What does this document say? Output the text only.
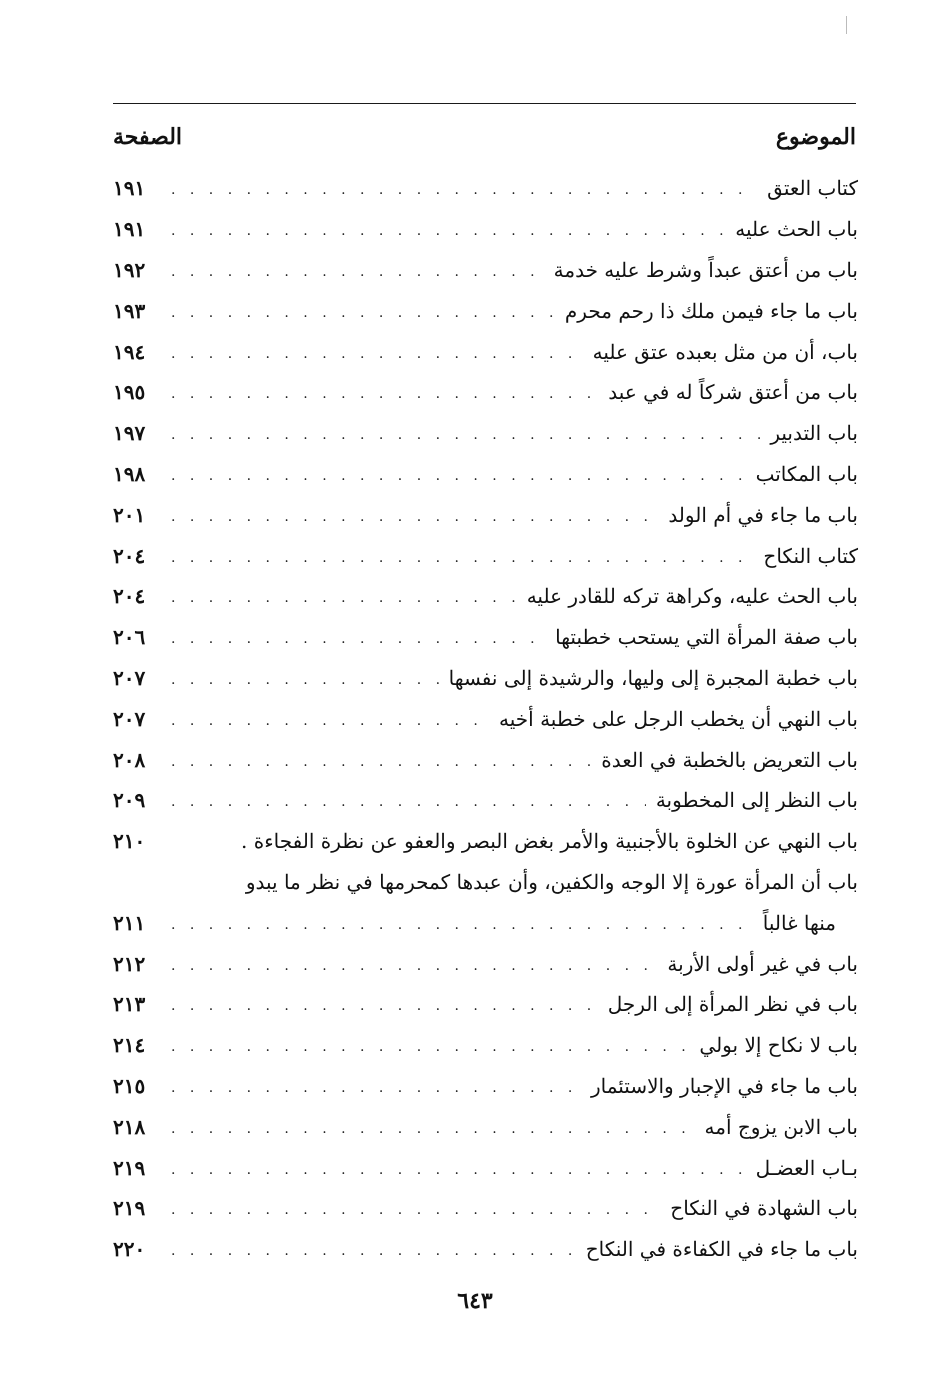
الموضوع
الصفحة
كتاب العتق
. . .
١٩١
باب الحث عليه
. . .
١٩١
باب من أعتق عبداً وشرط عليه خدمة
. . .
١٩٢
باب ما جاء فيمن ملك ذا رحم محرم
. . .
١٩٣
باب، أن من مثل بعبده عتق عليه
. . .
١٩٤
باب من أعتق شركاً له في عبد
. . .
١٩٥
باب التدبير
. . .
١٩٧
باب المكاتب
. . .
١٩٨
باب ما جاء في أم الولد
. . .
٢٠١
كتاب النكاح
. . .
٢٠٤
باب الحث عليه، وكراهة تركه للقادر عليه
. . .
٢٠٤
باب صفة المرأة التي يستحب خطبتها
. . .
٢٠٦
باب خطبة المجبرة إلى وليها، والرشيدة إلى نفسها
. . .
٢٠٧
باب النهي أن يخطب الرجل على خطبة أخيه
. . .
٢٠٧
باب التعريض بالخطبة في العدة
. . .
٢٠٨
باب النظر إلى المخطوبة
. . .
٢٠٩
باب النهي عن الخلوة بالأجنبية والأمر بغض البصر والعفو عن نظرة الفجاءة .
٢١٠
باب أن المرأة عورة إلا الوجه والكفين، وأن عبدها كمحرمها في نظر ما يبدو
منها غالباً
. . .
٢١١
باب في غير أولى الأربة
. . .
٢١٢
باب في نظر المرأة إلى الرجل
. . .
٢١٣
باب لا نكاح إلا بولي
. . .
٢١٤
باب ما جاء في الإجبار والاستئمار
. . .
٢١٥
باب الابن يزوج أمه
. . .
٢١٨
بـاب العضـل
. . .
٢١٩
باب الشهادة في النكاح
. . .
٢١٩
باب ما جاء في الكفاءة في النكاح
. . .
٢٢٠
٦٤٣
